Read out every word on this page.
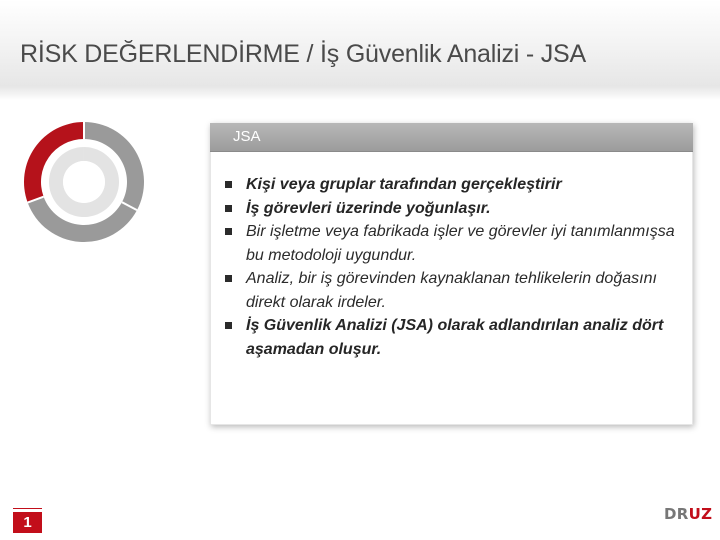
RİSK DEĞERLENDİRME / İş Güvenlik Analizi - JSA
JSA
Kişi veya gruplar tarafından gerçekleştirir
İş görevleri üzerinde yoğunlaşır.
Bir işletme veya fabrikada işler ve görevler iyi tanımlanmışsa bu metodoloji uygundur.
Analiz, bir iş görevinden kaynaklanan tehlikelerin doğasını direkt olarak irdeler.
İş Güvenlik Analizi (JSA) olarak adlandırılan analiz dört aşamadan oluşur.
1	DRUZ
